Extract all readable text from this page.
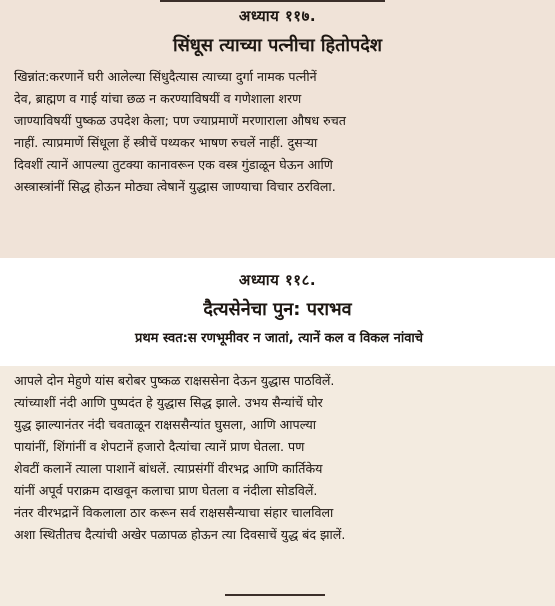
अध्याय ११७.
सिंधूस त्याच्या पत्नीचा हितोपदेश
खिन्नांत:करणानें घरी आलेल्या सिंधुदैत्यास त्याच्या दुर्गा नामक पत्नीनें
देव, ब्राह्मण व गाई यांचा छळ न करण्याविषयीं व गणेशाला शरण
जाण्याविषयीं पुष्कळ उपदेश केला; पण ज्याप्रमाणें मरणाराला औषध रुचत
नाहीं. त्याप्रमाणें सिंधूला हें स्त्रीचें पथ्यकर भाषण रुचलें नाहीं. दुसऱ्या
दिवशीं त्यानें आपल्या तुटक्या कानावरून एक वस्त्र गुंडाळून घेऊन आणि
अस्त्रास्त्रांनीं सिद्ध होऊन मोठ्या त्वेषानें युद्धास जाण्याचा विचार ठरविला.
अध्याय ११८.
दैत्यसेनेचा पुन: पराभव
प्रथम स्वत:स रणभूमीवर न जातां, त्यानें कल व विकल नांवाचे
आपले दोन मेहुणे यांस बरोबर पुष्कळ राक्षससेना देऊन युद्धास पाठविलें.
त्यांच्याशीं नंदी आणि पुष्पदंत हे युद्धास सिद्ध झाले. उभय सैन्यांचें घोर
युद्ध झाल्यानंतर नंदी चवताळून राक्षससैन्यांत घुसला, आणि आपल्या
पायांनीं, शिंगांनीं व शेपटानें हजारो दैत्यांचा त्यानें प्राण घेतला. पण
शेवटीं कलानें त्याला पाशानें बांधलें. त्याप्रसंगीं वीरभद्र आणि कार्तिकेय
यांनीं अपूर्व पराक्रम दाखवून कलाचा प्राण घेतला व नंदीला सोडविलें.
नंतर वीरभद्रानें विकलाला ठार करून सर्व राक्षससैन्याचा संहार चालविला
अशा स्थितीतच दैत्यांची अखेर पळापळ होऊन त्या दिवसाचें युद्ध बंद झालें.
